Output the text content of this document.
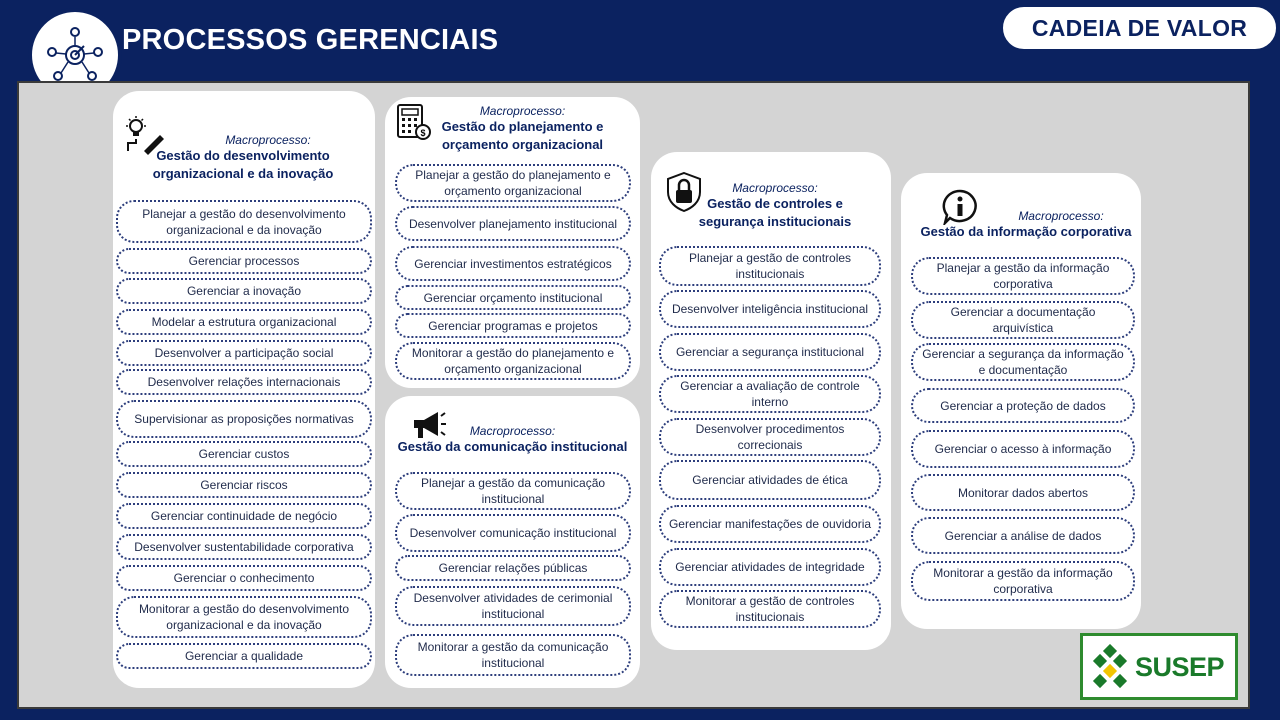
PROCESSOS GERENCIAIS	CADEIA DE VALOR
Macroprocesso:
Gestão do desenvolvimento
organizacional e da inovação
$
Macroprocesso:
Gestão do planejamento e
orçamento organizacional
Macroprocesso:
Gestão da comunicação institucional
Macroprocesso:
Gestão de controles e
segurança institucionais	Macroprocesso:
Gestão da informação corporativa
Planejar a gestão do desenvolvimento organizacional e da inovação
Gerenciar processos
Gerenciar a inovação
Modelar a estrutura organizacional
Desenvolver a participação social
Desenvolver relações internacionais
Supervisionar as proposições normativas
Gerenciar custos
Gerenciar riscos
Gerenciar continuidade de negócio
Desenvolver sustentabilidade corporativa
Gerenciar o conhecimento
Monitorar a gestão do desenvolvimento organizacional e da inovação
Gerenciar a qualidade
Planejar a gestão do planejamento e orçamento organizacional
Desenvolver planejamento institucional
Gerenciar investimentos estratégicos
Gerenciar orçamento institucional
Gerenciar programas e projetos
Monitorar a gestão do planejamento e orçamento organizacional
Planejar a gestão da comunicação institucional
Desenvolver comunicação institucional
Gerenciar relações públicas
Desenvolver atividades de cerimonial institucional
Monitorar a gestão da comunicação institucional
Planejar a gestão de controles institucionais
Desenvolver inteligência institucional
Gerenciar a segurança institucional
Gerenciar a avaliação de controle interno
Desenvolver procedimentos correcionais
Gerenciar atividades de ética
Gerenciar manifestações de ouvidoria
Gerenciar atividades de integridade
Monitorar a gestão de controles institucionais
Planejar a gestão da informação corporativa
Gerenciar a documentação arquivística
Gerenciar a segurança da informação e documentação
Gerenciar a proteção de dados
Gerenciar o acesso à informação
Monitorar dados abertos
Gerenciar a análise de dados
Monitorar a gestão da informação corporativa
SUSEP
